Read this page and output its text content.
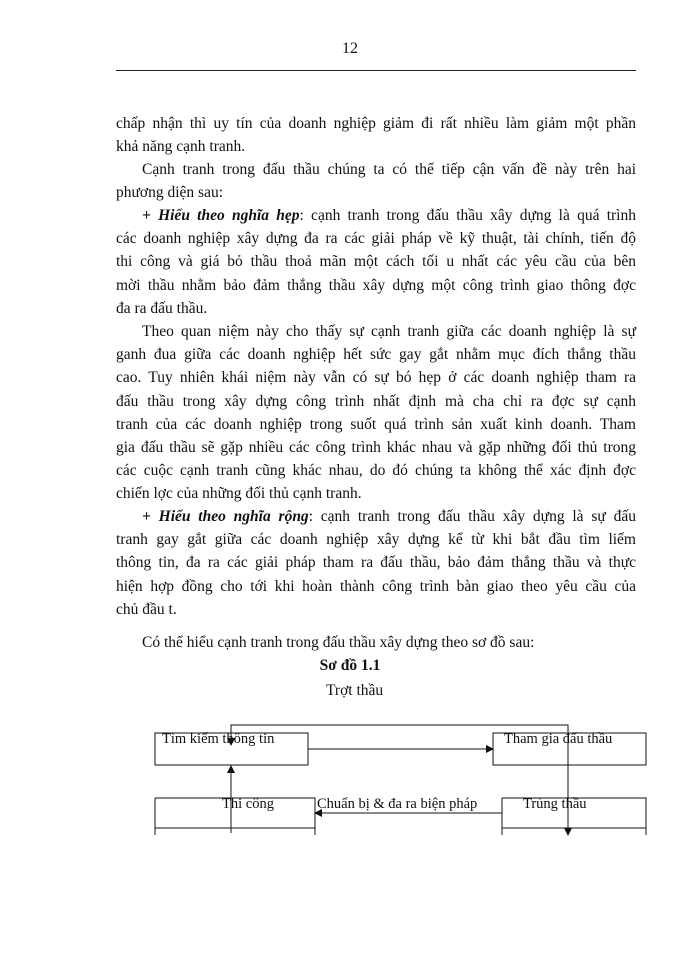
12
chấp nhận thì uy tín của doanh nghiệp giảm đi rất nhiều làm giảm một phần
khả năng cạnh tranh.
Cạnh tranh trong đấu thầu chúng ta có thể tiếp cận vấn đề này trên hai
phương diện sau:
+ Hiểu theo nghĩa hẹp: cạnh tranh trong đấu thầu xây dựng là quá trình
các doanh nghiệp xây dựng đa ra các giải pháp về kỹ thuật, tài chính, tiến độ
thi công và giá bỏ thầu thoả mãn một cách tối u nhất các yêu cầu của bên
mời thầu nhằm bảo đảm thắng thầu xây dựng một công trình giao thông đợc
đa ra đấu thầu.
Theo quan niệm này cho thấy sự cạnh tranh giữa các doanh nghiệp là sự
ganh đua giữa các doanh nghiệp hết sức gay gắt nhằm mục đích thắng thầu
cao. Tuy nhiên khái niệm này vẫn có sự bó hẹp ở các doanh nghiệp tham ra
đấu thầu trong xây dựng công trình nhất định mà cha chỉ ra đợc sự cạnh
tranh của các doanh nghiệp trong suốt quá trình sản xuất kinh doanh. Tham
gia đấu thầu sẽ gặp nhiều các công trình khác nhau và gặp những đối thủ trong
các cuộc cạnh tranh cũng khác nhau, do đó chúng ta không thể xác định đợc
chiến lợc của những đối thủ cạnh tranh.
+ Hiểu theo nghĩa rộng: cạnh tranh trong đấu thầu xây dựng là sự đấu
tranh gay gắt giữa các doanh nghiệp xây dựng kể từ khi bắt đầu tìm liếm
thông tin, đa ra các giải pháp tham ra đấu thầu, bảo đảm thắng thầu và thực
hiện hợp đồng cho tới khi hoàn thành công trình bàn giao theo yêu cầu của
chủ đầu t.
Có thể hiểu cạnh tranh trong đấu thầu xây dựng theo sơ đồ sau:
Sơ đồ 1.1
Trợt thầu
Tìm kiếm thông tin	Tham gia đấu thầu
Thi công	Chuẩn bị & đa ra biện pháp	Trúng thầu
